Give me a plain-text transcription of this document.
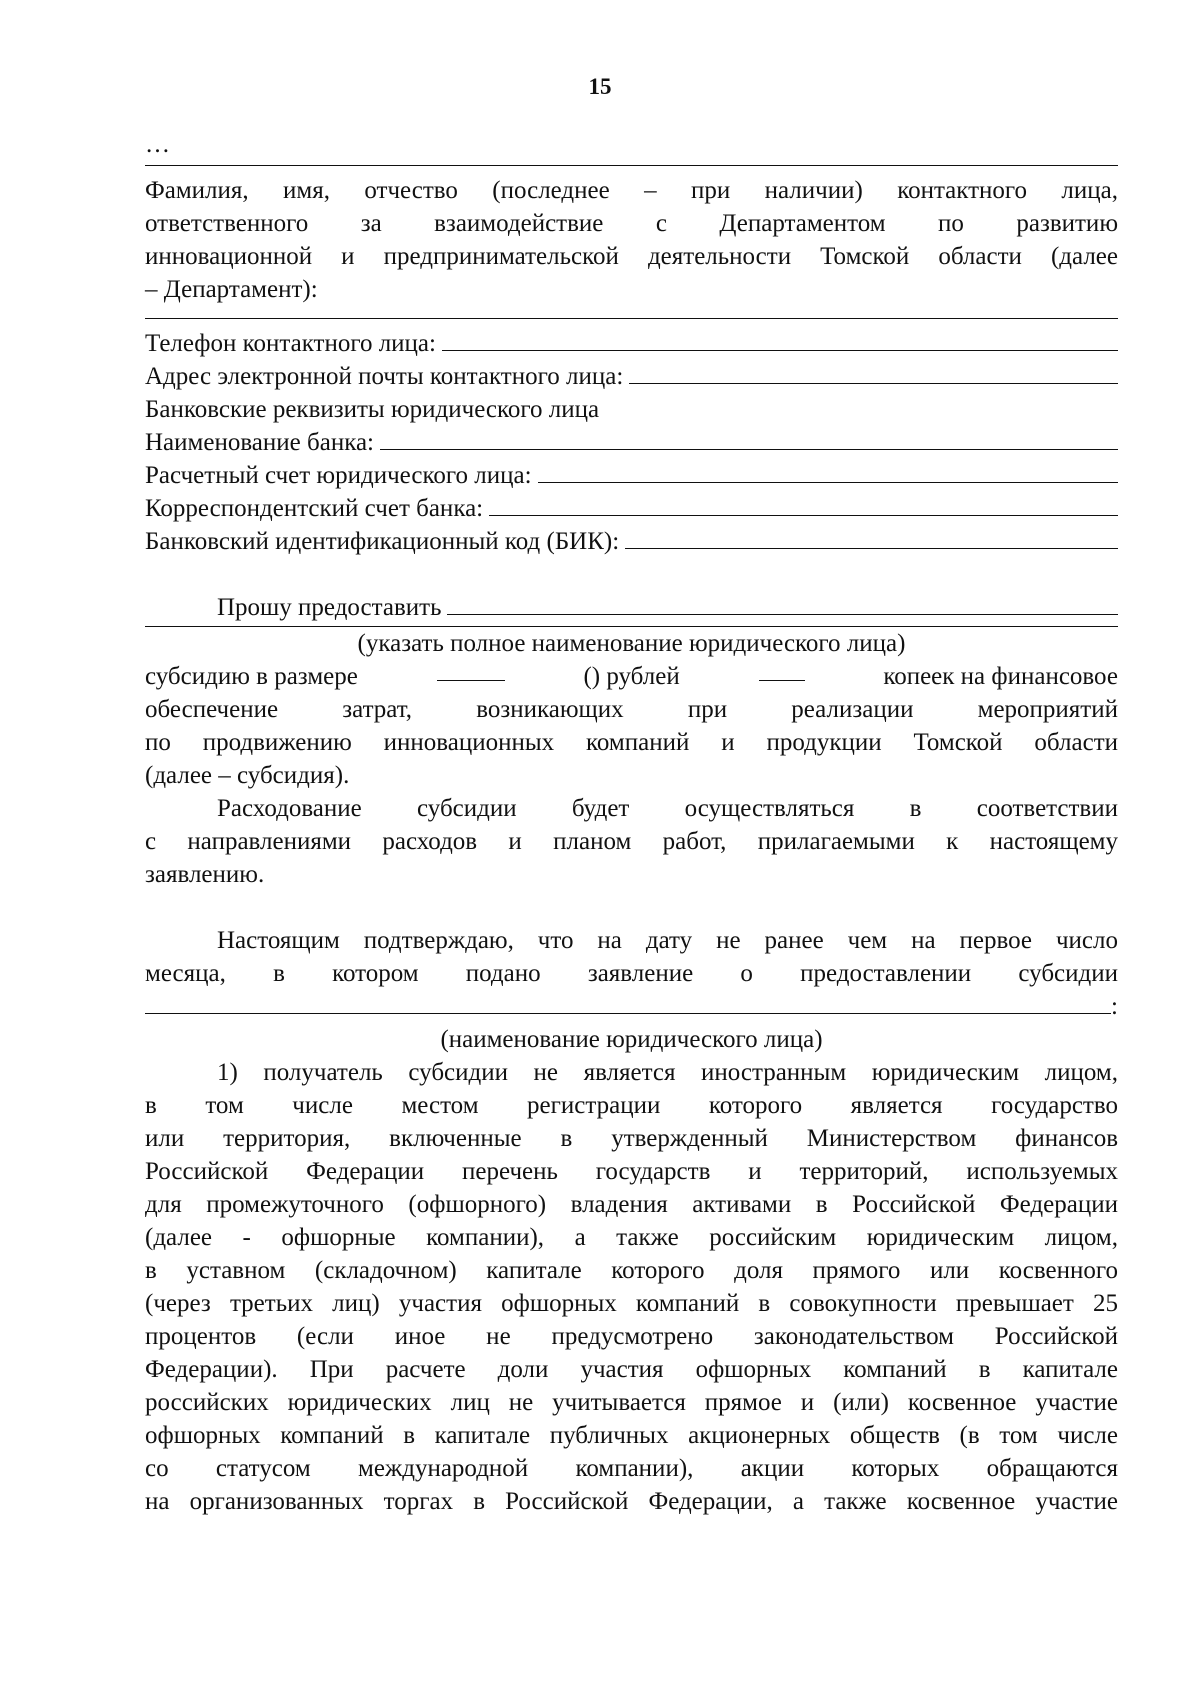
15
…
Фамилия, имя, отчество (последнее – при наличии) контактного лица,
ответственного за взаимодействие с Департаментом по развитию
инновационной и предпринимательской деятельности Томской области (далее
– Департамент):
Телефон контактного лица:
Адрес электронной почты контактного лица:
Банковские реквизиты юридического лица
Наименование банка:
Расчетный счет юридического лица:
Корреспондентский счет банка:
Банковский идентификационный код (БИК):
Прошу предоставить
(указать полное наименование юридического лица)
субсидию в размере	() рублей	копеек на финансовое
обеспечение затрат, возникающих при реализации мероприятий
по продвижению инновационных компаний и продукции Томской области
(далее – субсидия).
Расходование субсидии будет осуществляться в соответствии
с направлениями расходов и планом работ, прилагаемыми к настоящему
заявлению.
Настоящим подтверждаю, что на дату не ранее чем на первое число
месяца, в котором подано заявление о предоставлении субсидии
:
(наименование юридического лица)
1) получатель субсидии не является иностранным юридическим лицом,
в том числе местом регистрации которого является государство
или территория, включенные в утвержденный Министерством финансов
Российской Федерации перечень государств и территорий, используемых
для промежуточного (офшорного) владения активами в Российской Федерации
(далее - офшорные компании), а также российским юридическим лицом,
в уставном (складочном) капитале которого доля прямого или косвенного
(через третьих лиц) участия офшорных компаний в совокупности превышает 25
процентов (если иное не предусмотрено законодательством Российской
Федерации). При расчете доли участия офшорных компаний в капитале
российских юридических лиц не учитывается прямое и (или) косвенное участие
офшорных компаний в капитале публичных акционерных обществ (в том числе
со статусом международной компании), акции которых обращаются
на организованных торгах в Российской Федерации, а также косвенное участие
